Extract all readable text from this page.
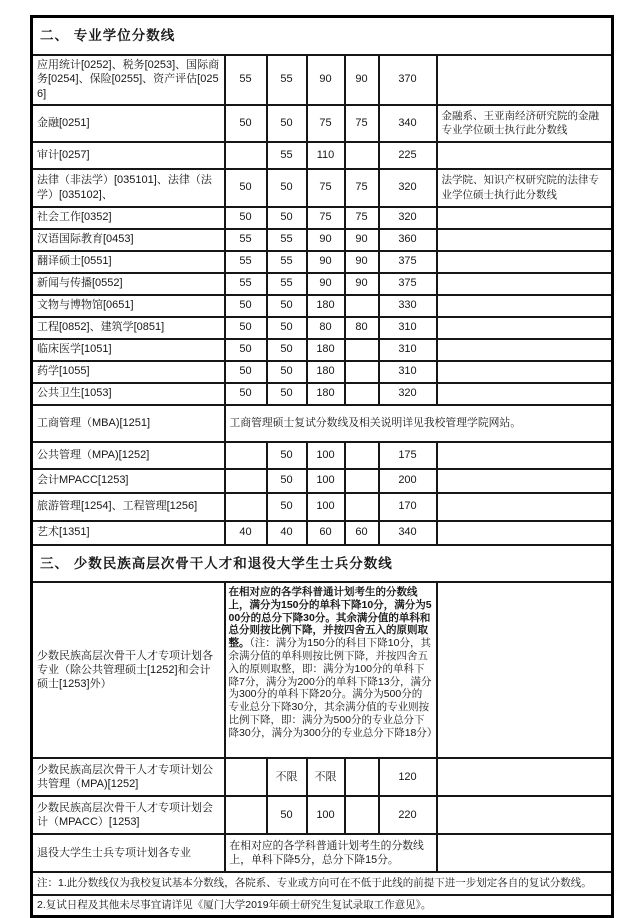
二、 专业学位分数线						
应用统计[0252]、税务[0253]、国际商务[0254]、保险[0255]、资产评估[0256]	55	55	90	90	370	
金融[0251]	50	50	75	75	340	金融系、王亚南经济研究院的金融专业学位硕士执行此分数线
审计[0257]		55	110		225	
法律（非法学）[035101]、法律（法学）[035102]、	50	50	75	75	320	法学院、知识产权研究院的法律专业学位硕士执行此分数线
社会工作[0352]	50	50	75	75	320	
汉语国际教育[0453]	55	55	90	90	360	
翻译硕士[0551]	55	55	90	90	375	
新闻与传播[0552]	55	55	90	90	375	
文物与博物馆[0651]	50	50	180		330	
工程[0852]、建筑学[0851]	50	50	80	80	310	
临床医学[1051]	50	50	180		310	
药学[1055]	50	50	180		310	
公共卫生[1053]	50	50	180		320	
工商管理（MBA)[1251]	工商管理硕士复试分数线及相关说明详见我校管理学院网站。					
公共管理（MPA)[1252]		50	100		175	
会计MPACC[1253]		50	100		200	
旅游管理[1254]、工程管理[1256]		50	100		170	
艺术[1351]	40	40	60	60	340	
三、 少数民族高层次骨干人才和退役大学生士兵分数线						
少数民族高层次骨干人才专项计划各专业（除公共管理硕士[1252]和会计硕士[1253]外）	在相对应的各学科普通计划考生的分数线上，满分为150分的单科下降10分，满分为500分的总分下降30分。其余满分值的单科和总分则按比例下降，并按四舍五入的原则取整。（注：满分为150分的科目下降10分，其余满分值的单科则按比例下降，并按四舍五入的原则取整，即：满分为100分的单科下降7分，满分为200分的单科下降13分，满分为300分的单科下降20分。满分为500分的专业总分下降30分，其余满分值的专业则按比例下降，即：满分为500分的专业总分下降30分，满分为300分的专业总分下降18分）					
少数民族高层次骨干人才专项计划公共管理（MPA)[1252]		不限	不限		120	
少数民族高层次骨干人才专项计划会计（MPACC）[1253]		50	100		220	
退役大学生士兵专项计划各专业	在相对应的各学科普通计划考生的分数线上，单科下降5分，总分下降15分。					
注：1.此分数线仅为我校复试基本分数线，各院系、专业或方向可在不低于此线的前提下进一步划定各自的复试分数线。						
2.复试日程及其他未尽事宜请详见《厦门大学2019年硕士研究生复试录取工作意见》。						
